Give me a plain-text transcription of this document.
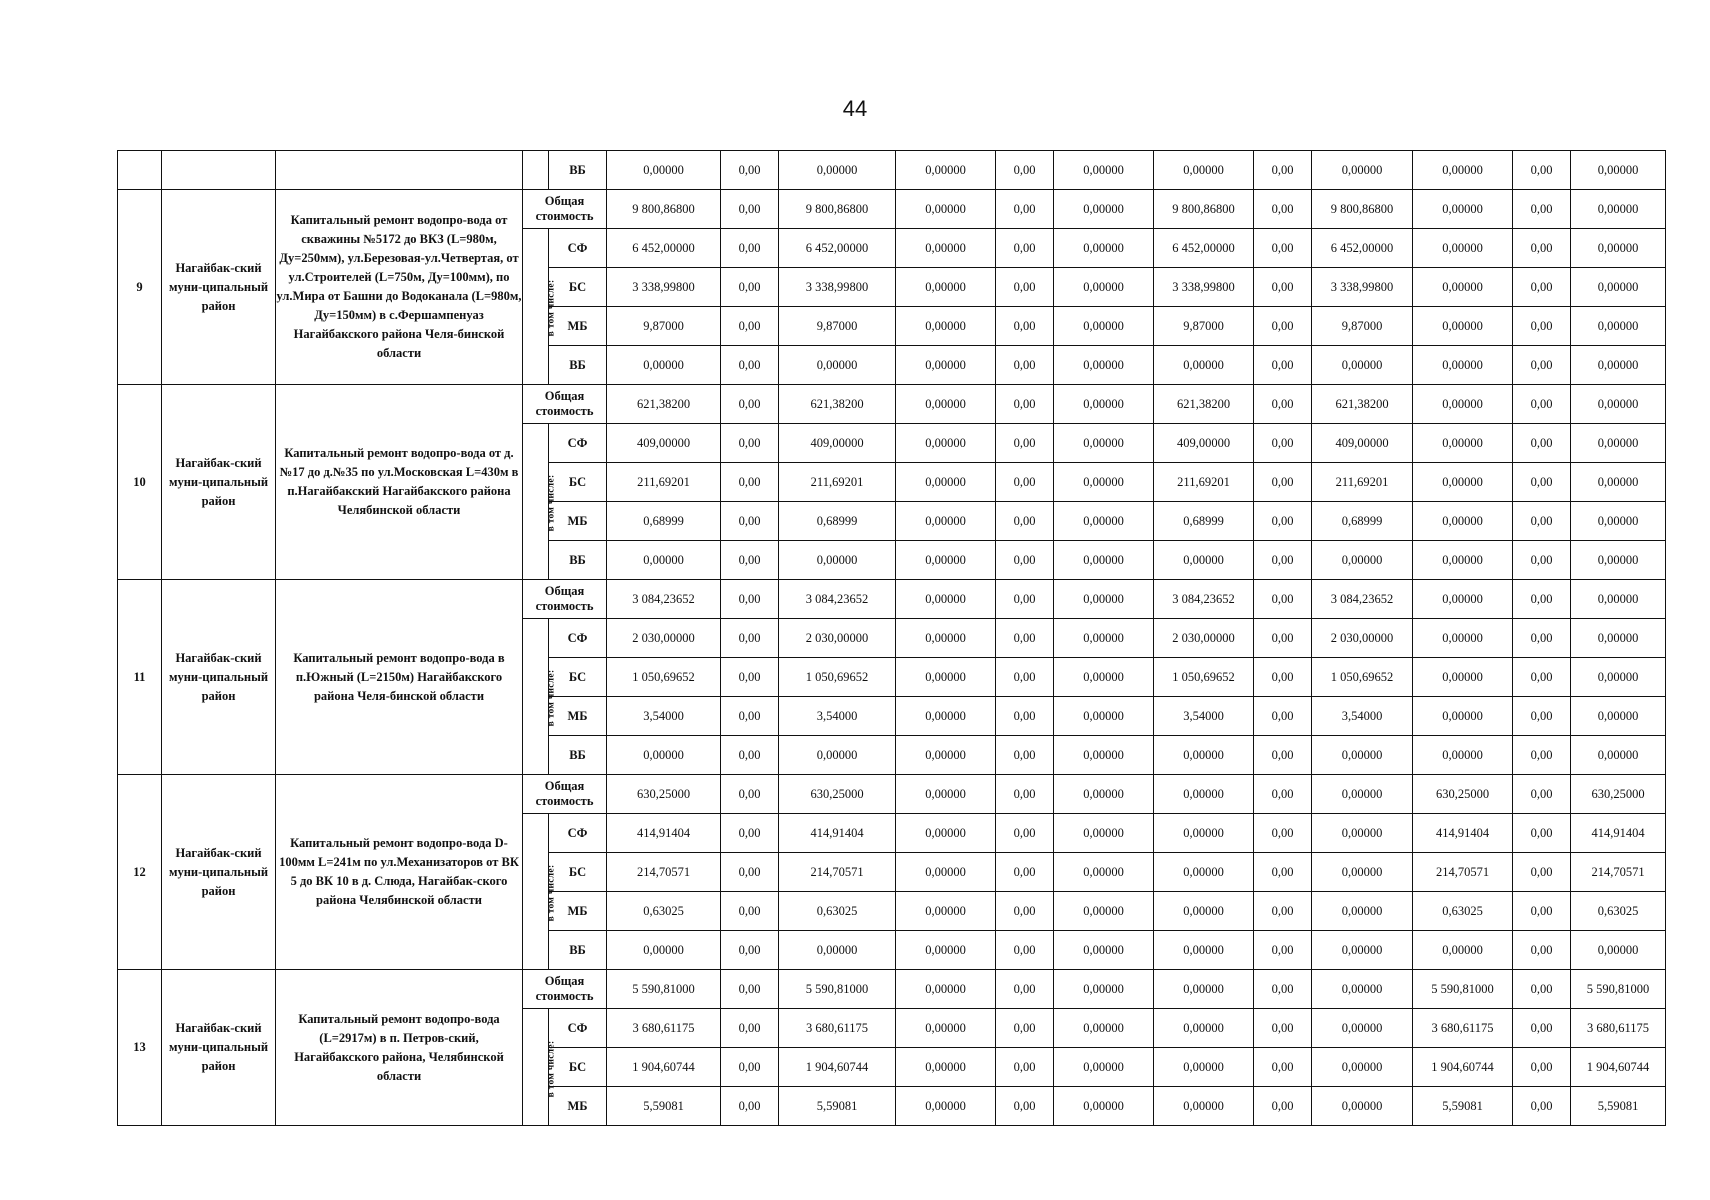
44
				ВБ	0,00000	0,00	0,00000	0,00000	0,00	0,00000	0,00000	0,00	0,00000	0,00000	0,00	0,00000
9	Нагайбак-ский муни-ципальный район	Капитальный ремонт водопро-вода от скважины №5172 до ВКЗ (L=980м, Ду=250мм), ул.Березовая-ул.Четвертая, от ул.Строителей (L=750м, Ду=100мм), по ул.Мира от Башни до Водоканала (L=980м, Ду=150мм) в с.Фершампенуаз Нагайбакского района Челя-бинской области	Общая стоимость		9 800,86800	0,00	9 800,86800	0,00000	0,00	0,00000	9 800,86800	0,00	9 800,86800	0,00000	0,00	0,00000
			в том числе:	СФ	6 452,00000	0,00	6 452,00000	0,00000	0,00	0,00000	6 452,00000	0,00	6 452,00000	0,00000	0,00	0,00000
				БС	3 338,99800	0,00	3 338,99800	0,00000	0,00	0,00000	3 338,99800	0,00	3 338,99800	0,00000	0,00	0,00000
				МБ	9,87000	0,00	9,87000	0,00000	0,00	0,00000	9,87000	0,00	9,87000	0,00000	0,00	0,00000
				ВБ	0,00000	0,00	0,00000	0,00000	0,00	0,00000	0,00000	0,00	0,00000	0,00000	0,00	0,00000
10	Нагайбак-ский муни-ципальный район	Капитальный ремонт водопро-вода от д.№17 до д.№35 по ул.Московская L=430м в п.Нагайбакский Нагайбакского района Челябинской области	Общая стоимость		621,38200	0,00	621,38200	0,00000	0,00	0,00000	621,38200	0,00	621,38200	0,00000	0,00	0,00000
			в том числе:	СФ	409,00000	0,00	409,00000	0,00000	0,00	0,00000	409,00000	0,00	409,00000	0,00000	0,00	0,00000
				БС	211,69201	0,00	211,69201	0,00000	0,00	0,00000	211,69201	0,00	211,69201	0,00000	0,00	0,00000
				МБ	0,68999	0,00	0,68999	0,00000	0,00	0,00000	0,68999	0,00	0,68999	0,00000	0,00	0,00000
				ВБ	0,00000	0,00	0,00000	0,00000	0,00	0,00000	0,00000	0,00	0,00000	0,00000	0,00	0,00000
11	Нагайбак-ский муни-ципальный район	Капитальный ремонт водопро-вода в п.Южный (L=2150м) Нагайбакского района Челя-бинской области	Общая стоимость		3 084,23652	0,00	3 084,23652	0,00000	0,00	0,00000	3 084,23652	0,00	3 084,23652	0,00000	0,00	0,00000
			в том числе:	СФ	2 030,00000	0,00	2 030,00000	0,00000	0,00	0,00000	2 030,00000	0,00	2 030,00000	0,00000	0,00	0,00000
				БС	1 050,69652	0,00	1 050,69652	0,00000	0,00	0,00000	1 050,69652	0,00	1 050,69652	0,00000	0,00	0,00000
				МБ	3,54000	0,00	3,54000	0,00000	0,00	0,00000	3,54000	0,00	3,54000	0,00000	0,00	0,00000
				ВБ	0,00000	0,00	0,00000	0,00000	0,00	0,00000	0,00000	0,00	0,00000	0,00000	0,00	0,00000
12	Нагайбак-ский муни-ципальный район	Капитальный ремонт водопро-вода D-100мм L=241м по ул.Механизаторов от ВК 5 до ВК 10 в д. Слюда, Нагайбак-ского района Челябинской области	Общая стоимость		630,25000	0,00	630,25000	0,00000	0,00	0,00000	0,00000	0,00	0,00000	630,25000	0,00	630,25000
			в том числе:	СФ	414,91404	0,00	414,91404	0,00000	0,00	0,00000	0,00000	0,00	0,00000	414,91404	0,00	414,91404
				БС	214,70571	0,00	214,70571	0,00000	0,00	0,00000	0,00000	0,00	0,00000	214,70571	0,00	214,70571
				МБ	0,63025	0,00	0,63025	0,00000	0,00	0,00000	0,00000	0,00	0,00000	0,63025	0,00	0,63025
				ВБ	0,00000	0,00	0,00000	0,00000	0,00	0,00000	0,00000	0,00	0,00000	0,00000	0,00	0,00000
13	Нагайбак-ский муни-ципальный район	Капитальный ремонт водопро-вода (L=2917м) в п. Петров-ский, Нагайбакского района, Челябинской области	Общая стоимость		5 590,81000	0,00	5 590,81000	0,00000	0,00	0,00000	0,00000	0,00	0,00000	5 590,81000	0,00	5 590,81000
			в том числе:	СФ	3 680,61175	0,00	3 680,61175	0,00000	0,00	0,00000	0,00000	0,00	0,00000	3 680,61175	0,00	3 680,61175
				БС	1 904,60744	0,00	1 904,60744	0,00000	0,00	0,00000	0,00000	0,00	0,00000	1 904,60744	0,00	1 904,60744
				МБ	5,59081	0,00	5,59081	0,00000	0,00	0,00000	0,00000	0,00	0,00000	5,59081	0,00	5,59081
